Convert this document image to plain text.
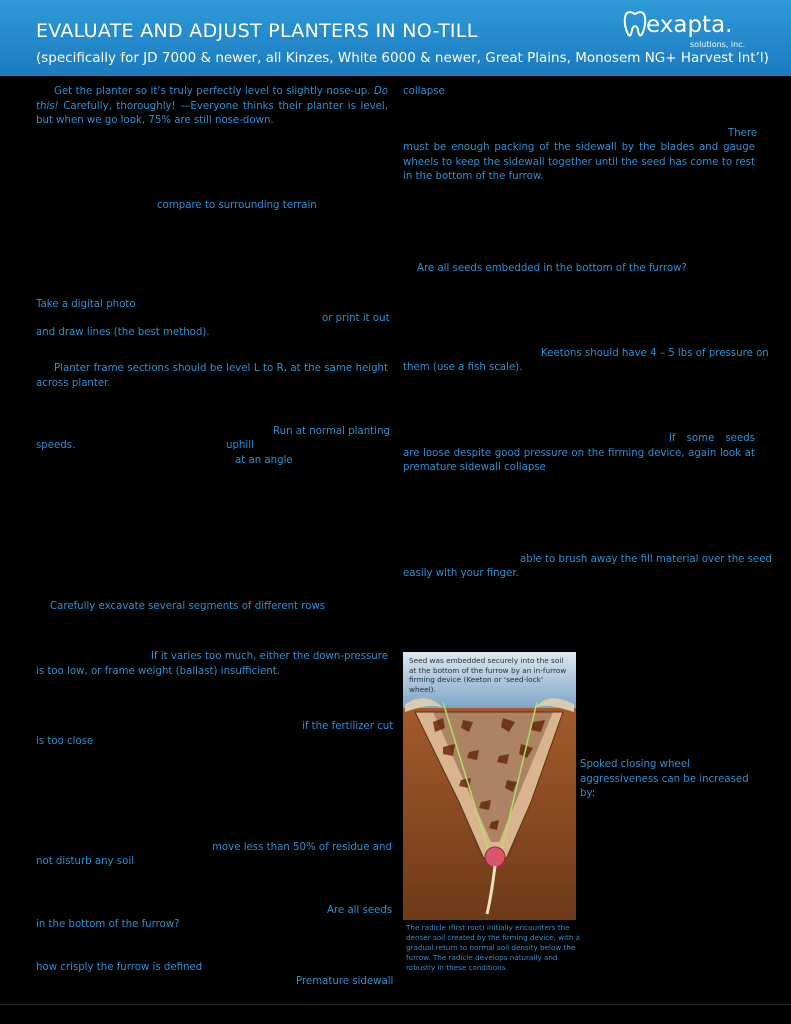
EVALUATE AND ADJUST PLANTERS IN NO-TILL
(specifically for JD 7000 & newer, all Kinzes, White 6000 & newer, Great Plains, Monosem NG+ Harvest Int’l)
exapta.
solutions, inc.

Get the planter so it’s truly perfectly level to slightly nose-up. Do this! Carefully, thoroughly! —Everyone thinks their planter is level, but when we go look, 75% are still nose-down.

compare to surrounding terrain

Take a digital photo

or print it out

and draw lines (the best method).

Planter frame sections should be level L to R, at the same height across planter.

Run at normal planting

speeds.	uphill

at an angle

Carefully excavate several segments of different rows

If it varies too much, either the down-pressure is too low, or frame weight (ballast) insufficient.

if the fertilizer cut

is too close

move less than 50% of residue and

not disturb any soil

Are all seeds

in the bottom of the furrow?

how crisply the furrow is defined

Premature sidewall

collapse

There

must be enough packing of the sidewall by the blades and gauge wheels to keep the sidewall together until the seed has come to rest in the bottom of the furrow.

Are all seeds embedded in the bottom of the furrow?

Keetons should have 4 – 5 lbs of pressure on

them (use a fish scale).

If some seeds are loose despite good pressure on the firming device, again look at premature sidewall collapse

able to brush away the fill material over the seed

easily with your finger.

Seed was embedded securely into the soil at the bottom of the furrow by an in-furrow firming device (Keeton or ‘seed-lock’ wheel).
The radicle (first root) initially encounters the denser soil created by the firming device, with a gradual return to normal soil density below the furrow. The radicle develops naturally and robustly in these conditions.
Spoked closing wheel aggressiveness can be increased by:
